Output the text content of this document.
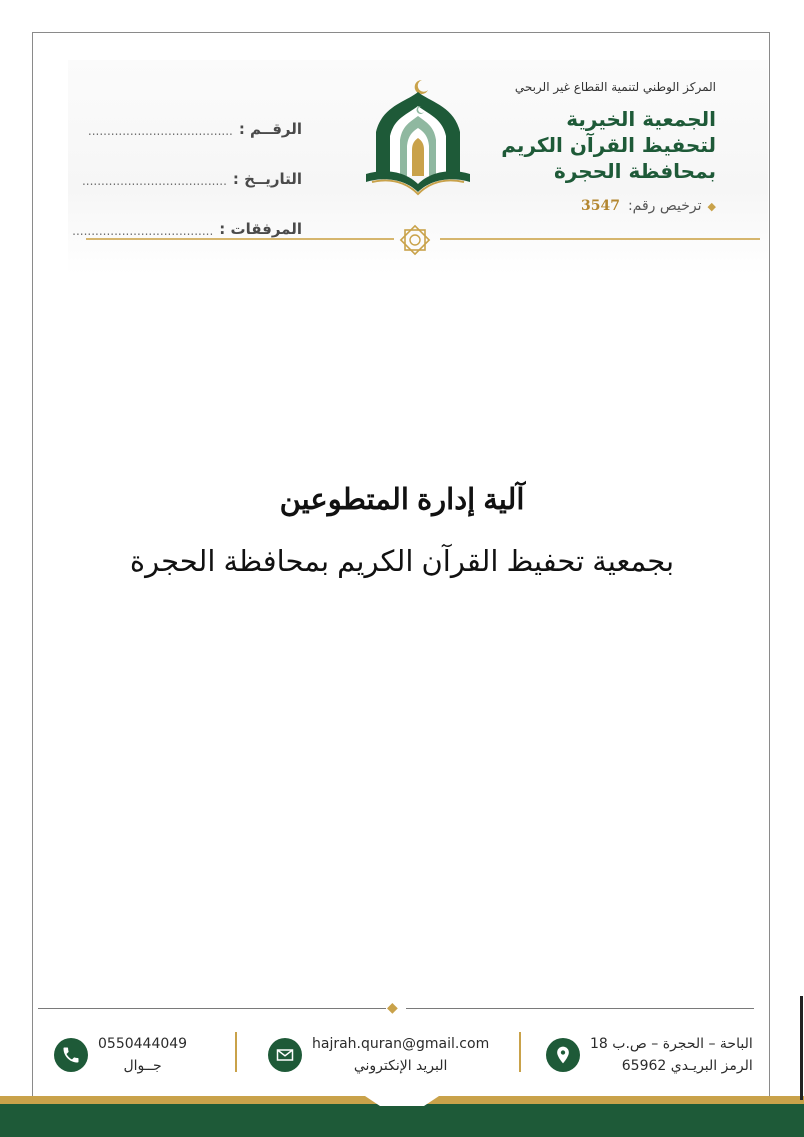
المركز الوطني لتنمية القطاع غير الربحي
الجمعية الخيرية
لتحفيظ القرآن الكريم
بمحافظة الحجرة
◆ترخيص رقم:3547
الرقــم :
......................................
التاريــخ :
......................................
المرفقات :
.....................................
آلية إدارة المتطوعين
بجمعية تحفيظ القرآن الكريم بمحافظة الحجرة
◆
0550444049
جــوال
hajrah.quran@gmail.com
البريد الإنكتروني
الباحة – الحجرة – ص.ب 18
الرمز البريـدي 65962
